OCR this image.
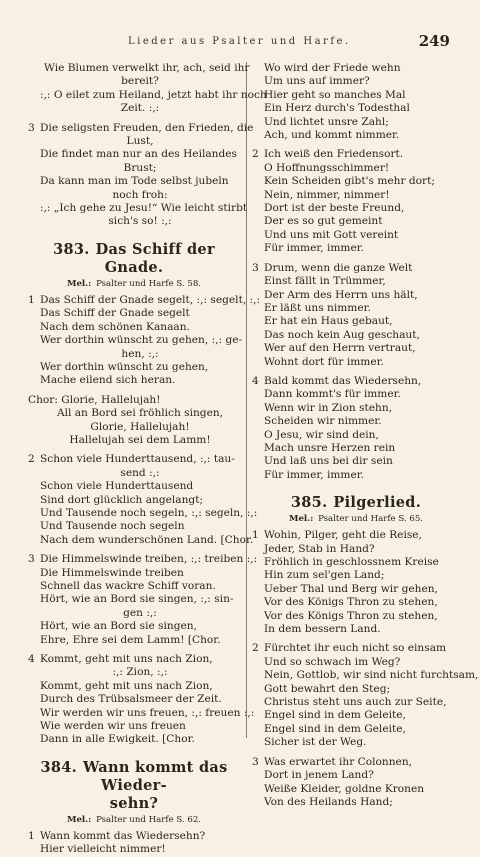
Lieder aus Psalter und Harfe.	249
Wie Blumen verwelkt ihr, ach, seid ihr
bereit?
:,: O eilet zum Heiland, jetzt habt ihr noch
Zeit. :,:
3 Die seligsten Freuden, den Frieden, die
Lust,
Die findet man nur an des Heilandes
Brust;
Da kann man im Tode selbst jubeln
noch froh:
:,: „Ich gehe zu Jesu!“ Wie leicht stirbt
sich's so! :,:
383. Das Schiff der Gnade.
Mel.: Psalter und Harfe S. 58.
1 Das Schiff der Gnade segelt, :,: segelt, :,:
Das Schiff der Gnade segelt
Nach dem schönen Kanaan.
Wer dorthin wünscht zu gehen, :,: ge-
hen, :,:
Wer dorthin wünscht zu gehen,
Mache eilend sich heran.
Chor: Glorie, Hallelujah!
All an Bord sei fröhlich singen,
Glorie, Hallelujah!
Hallelujah sei dem Lamm!
2 Schon viele Hunderttausend, :,: tau-
send :,:
Schon viele Hunderttausend
Sind dort glücklich angelangt;
Und Tausende noch segeln, :,: segeln, :,:
Und Tausende noch segeln
Nach dem wunderschönen Land. [Chor.
3 Die Himmelswinde treiben, :,: treiben :,:
Die Himmelswinde treiben
Schnell das wackre Schiff voran.
Hört, wie an Bord sie singen, :,: sin-
gen :,:
Hört, wie an Bord sie singen,
Ehre, Ehre sei dem Lamm! [Chor.
4 Kommt, geht mit uns nach Zion,
:,: Zion, :,:
Kommt, geht mit uns nach Zion,
Durch des Trübsalsmeer der Zeit.
Wir werden wir uns freuen, :,: freuen :,:
Wie werden wir uns freuen
Dann in alle Ewigkeit. [Chor.
384. Wann kommt das Wieder-
sehn?
Mel.: Psalter und Harfe S. 62.
1 Wann kommt das Wiedersehn?
Hier vielleicht nimmer!
Wo wird der Friede wehn
Um uns auf immer?
Hier geht so manches Mal
Ein Herz durch's Todesthal
Und lichtet unsre Zahl;
Ach, und kommt nimmer.
2 Ich weiß den Friedensort.
O Hoffnungsschimmer!
Kein Scheiden gibt's mehr dort;
Nein, nimmer, nimmer!
Dort ist der beste Freund,
Der es so gut gemeint
Und uns mit Gott vereint
Für immer, immer.
3 Drum, wenn die ganze Welt
Einst fällt in Trümmer,
Der Arm des Herrn uns hält,
Er läßt uns nimmer.
Er hat ein Haus gebaut,
Das noch kein Aug geschaut,
Wer auf den Herrn vertraut,
Wohnt dort für immer.
4 Bald kommt das Wiedersehn,
Dann kommt's für immer.
Wenn wir in Zion stehn,
Scheiden wir nimmer.
O Jesu, wir sind dein,
Mach unsre Herzen rein
Und laß uns bei dir sein
Für immer, immer.
385. Pilgerlied.
Mel.: Psalter und Harfe S. 65.
1 Wohin, Pilger, geht die Reise,
Jeder, Stab in Hand?
Fröhlich in geschlossnem Kreise
Hin zum sel'gen Land;
Ueber Thal und Berg wir gehen,
Vor des Königs Thron zu stehen,
Vor des Königs Thron zu stehen,
In dem bessern Land.
2 Fürchtet ihr euch nicht so einsam
Und so schwach im Weg?
Nein, Gottlob, wir sind nicht furchtsam,
Gott bewahrt den Steg;
Christus steht uns auch zur Seite,
Engel sind in dem Geleite,
Engel sind in dem Geleite,
Sicher ist der Weg.
3 Was erwartet ihr Colonnen,
Dort in jenem Land?
Weiße Kleider, goldne Kronen
Von des Heilands Hand;
